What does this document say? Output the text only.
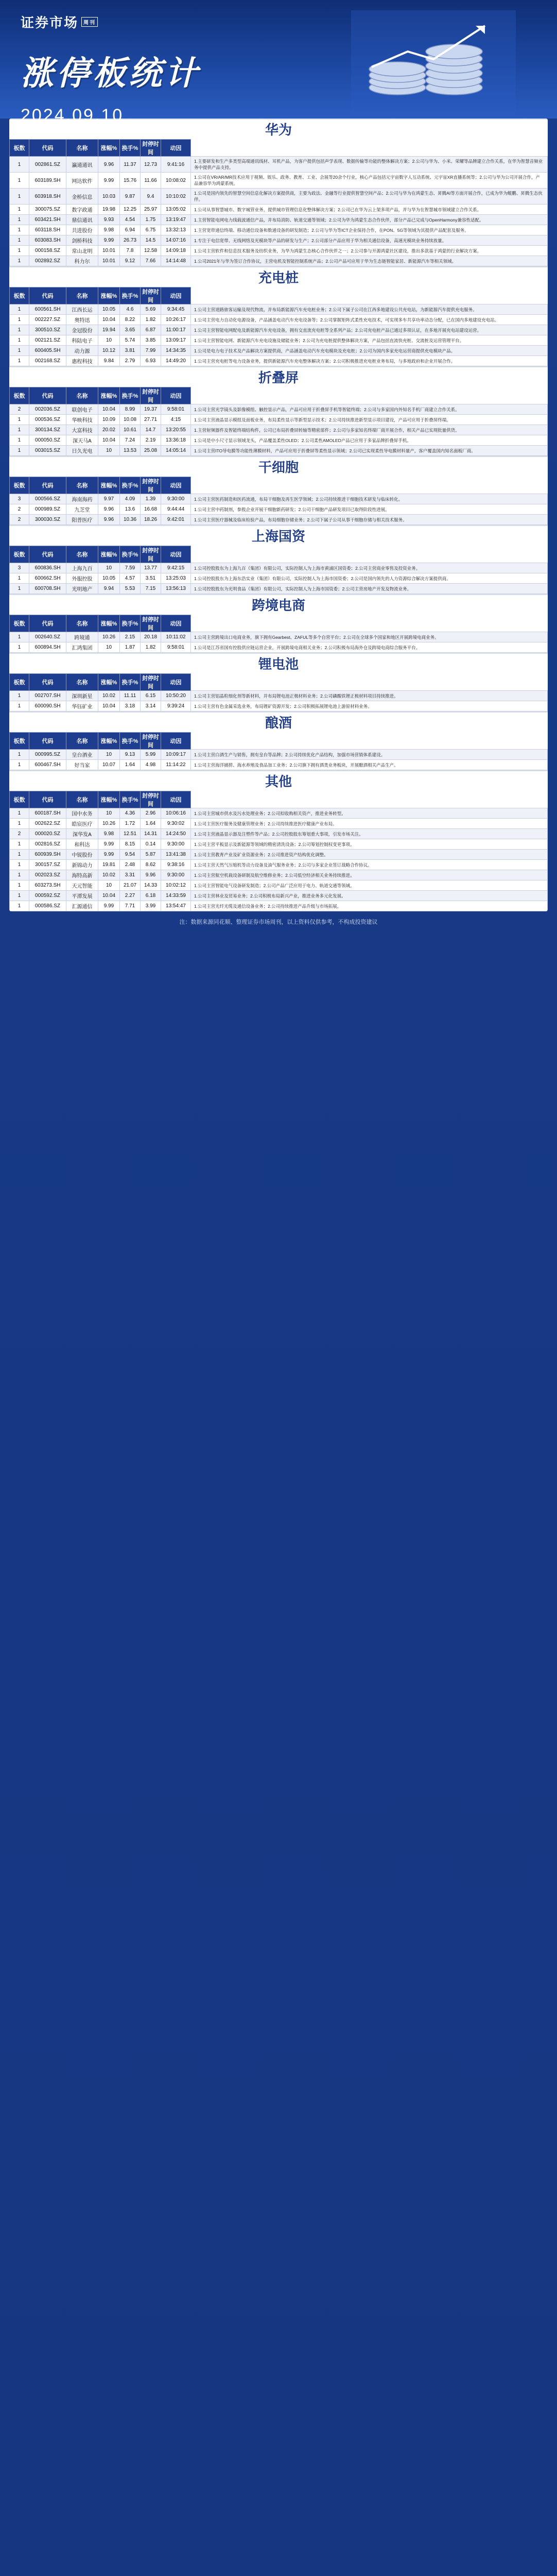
证券市场	周刊
涨停板统计
2024.09.10
华为
板数	代码	名称	涨幅%	换手%	封停时间	动因	
1	002861.SZ	瀛通通讯	9.96	11.37	12.73	9:41:16	1.主要研发和生产多类型高端通讯线材、耳机产品，为客户提供包括声学表现、数据传输等功能的整体解决方案；2.公司与华为、小米、荣耀等品牌建立合作关系，在华为智慧音频业务中提供产品支持。
1	603189.SH	网达软件	9.99	15.76	11.66	10:08:02	1.公司在VR/AR/MR技术应用于视频、娱乐、政务、教育、工业、会展等20余个行业，核心产品包括元宇宙数字人互动系统、元宇宙XR直播系统等；2.公司与华为公司开展合作，产品兼容华为鸿蒙系统。
1	603918.SH	金桥信息	10.03	9.87	9.4	10:10:02	1.公司是国内领先的智慧空间信息化解决方案提供商，主要为政法、金融等行业提供智慧空间产品；2.公司与华为在鸿蒙生态、昇腾AI等方面开展合作，已成为华为鲲鹏、昇腾生态伙伴。
1	300075.SZ	数字政通	19.98	12.25	25.97	13:05:02	1.公司从事智慧城市、数字城管业务，提供城市管理信息化整体解决方案；2.公司已在华为云上架多项产品，并与华为在智慧城市领域建立合作关系。
1	603421.SH	鼎信通讯	9.93	4.54	1.75	13:19:47	1.主营智能电网电力线载波通信产品，并布局消防、轨道交通等领域；2.公司为华为鸿蒙生态合作伙伴，部分产品已完成与OpenHarmony兼容性适配。
1	603118.SH	共进股份	9.98	6.94	6.75	13:32:13	1.主营宽带通信终端、移动通信设备和数通设备的研发制造；2.公司与华为等ICT企业保持合作，在PON、5G等领域为其提供产品配套及服务。
1	603083.SH	剑桥科技	9.99	26.73	14.5	14:07:16	1.专注于电信宽带、无线网络及光模块等产品的研发与生产；2.公司部分产品应用于华为相关通信设备，高速光模块业务持续放量。
1	000158.SZ	常山北明	10.01	7.8	12.58	14:09:18	1.公司主营软件和信息技术服务及纺织业务，为华为鸿蒙生态核心合作伙伴之一；2.公司参与开源鸿蒙社区建设，推出多款基于鸿蒙的行业解决方案。
1	002892.SZ	科力尔	10.01	9.12	7.66	14:14:48	1.公司2021年与华为签订合作协议，主营电机及智能控制系统产品；2.公司产品可应用于华为生态链智能家居、新能源汽车等相关领域。
充电桩
板数	代码	名称	涨幅%	换手%	封停时间	动因	
1	600561.SH	江西长运	10.05	4.6	5.69	9:34:45	1.公司主营道路旅客运输及现代物流，并布局新能源汽车充电桩业务；2.公司下属子公司在江西多地建设公共充电站，为新能源汽车提供充电服务。
1	002227.SZ	奥特迅	10.04	8.22	1.82	10:26:17	1.公司主营电力自动化电源设备，产品涵盖电动汽车充电设备等；2.公司掌握矩阵式柔性充电技术，可实现多车共享功率动态分配，已在国内多地建设充电站。
1	300510.SZ	金冠股份	19.94	3.65	6.87	11:00:17	1.公司主营智能电网配电及新能源汽车充电设备，拥有交直流充电桩等全系列产品；2.公司充电桩产品已通过多项认证，在多地开展充电站建设运营。
1	002121.SZ	科陆电子	10	5.74	3.85	13:09:17	1.公司主营智能电网、新能源汽车充电设施及储能业务；2.公司为充电桩提供整体解决方案，产品包括直流快充桩、交流桩及运营管理平台。
1	600405.SH	动力源	10.12	3.81	7.99	14:34:35	1.公司是电力电子技术及产品解决方案提供商，产品涵盖电动汽车充电模块及充电桩；2.公司为国内多家充电运营商提供充电模块产品。
1	002168.SZ	惠程科技	9.84	2.79	6.93	14:49:20	1.公司主营充电桩等电力设备业务，提供新能源汽车充电整体解决方案；2.公司积极推进充电桩业务布局，与多地政府和企业开展合作。
折叠屏
板数	代码	名称	涨幅%	换手%	封停时间	动因	
2	002036.SZ	联创电子	10.04	8.99	19.37	9:58:01	1.公司主营光学镜头及影像模组、触控显示产品，产品可应用于折叠屏手机等智能终端；2.公司与多家国内外知名手机厂商建立合作关系。
1	000536.SZ	华映科技	10.09	10.08	27.71	4:15	1.公司主营液晶显示模组及面板业务，布局柔性显示等新型显示技术；2.公司持续推进新型显示项目建设，产品可应用于折叠屏终端。
1	300134.SZ	大富科技	20.02	10.61	14.7	13:20:55	1.主营射频器件及智能终端结构件，公司已布局折叠屏转轴等精密部件；2.公司与多家知名终端厂商开展合作，相关产品已实现批量供货。
1	000050.SZ	深天马A	10.04	7.24	2.19	13:36:18	1.公司是中小尺寸显示领域龙头，产品覆盖柔性OLED；2.公司柔性AMOLED产品已应用于多家品牌折叠屏手机。
1	003015.SZ	日久光电	10	13.53	25.08	14:05:14	1.公司主营ITO导电膜等功能性薄膜材料，产品可应用于折叠屏等柔性显示领域；2.公司已实现柔性导电膜材料量产，客户覆盖国内知名面板厂商。
干细胞
板数	代码	名称	涨幅%	换手%	封停时间	动因	
3	000566.SZ	海南海药	9.97	4.09	1.39	9:30:00	1.公司主营医药制造和医药流通，布局干细胞及再生医学领域；2.公司持续推进干细胞技术研发与临床转化。
2	000989.SZ	九芝堂	9.96	13.6	16.68	9:44:44	1.公司主营中药制剂，参股企业开展干细胞新药研发；2.公司干细胞产品研发项目已取得阶段性进展。
2	300030.SZ	阳普医疗	9.96	10.36	18.26	9:42:01	1.公司主营医疗器械及临床检验产品，布局细胞存储业务；2.公司下属子公司从事干细胞存储与相关技术服务。
上海国资
板数	代码	名称	涨幅%	换手%	封停时间	动因	
3	600836.SH	上海九百	10	7.59	13.77	9:42:15	1.公司控股股东为上海九百（集团）有限公司，实际控制人为上海市黄浦区国资委；2.公司主营商业零售及投资业务。
1	600662.SH	外服控股	10.05	4.57	3.51	13:25:03	1.公司控股股东为上海东浩实业（集团）有限公司，实际控制人为上海市国资委；2.公司是国内领先的人力资源综合解决方案提供商。
1	600708.SH	光明地产	9.94	5.53	7.15	13:56:13	1.公司控股股东为光明食品（集团）有限公司，实际控制人为上海市国资委；2.公司主营房地产开发及物流业务。
跨境电商
板数	代码	名称	涨幅%	换手%	封停时间	动因	
1	002640.SZ	跨境通	10.26	2.15	20.18	10:11:02	1.公司主营跨境出口电商业务，旗下拥有Gearbest、ZAFUL等多个自营平台；2.公司在全球多个国家和地区开展跨境电商业务。
1	600894.SH	汇鸿集团	10	1.87	1.82	9:58:01	1.公司是江苏省国有控股供应链运营企业，开展跨境电商相关业务；2.公司积极布局海外仓及跨境电商综合服务平台。
锂电池
板数	代码	名称	涨幅%	换手%	封停时间	动因	
1	002707.SH	深圳新星	10.02	11.11	6.15	10:50:20	1.公司主营铝晶粒细化剂等新材料，并布局锂电池正极材料业务；2.公司磷酸铁锂正极材料项目持续推进。
1	600090.SH	华钰矿业	10.04	3.18	3.14	9:39:24	1.公司主营有色金属采选业务，布局锂矿资源开发；2.公司积极拓展锂电池上游原材料业务。
酿酒
板数	代码	名称	涨幅%	换手%	封停时间	动因	
1	000995.SZ	皇台酒业	10	9.13	5.99	10:09:17	1.公司主营白酒生产与销售，拥有皇台等品牌；2.公司持续优化产品结构，加强市场营销体系建设。
1	600467.SH	好当家	10.07	1.64	4.98	11:14:22	1.公司主营海洋捕捞、海水养殖及食品加工业务；2.公司旗下拥有酒类业务板块，开展酿酒相关产品生产。
其他
板数	代码	名称	涨幅%	换手%	封停时间	动因	
1	600187.SH	国中水务	10	4.36	2.96	10:06:16	1.公司主营城市供水及污水处理业务；2.公司拟收购相关资产，推进业务转型。
1	002622.SZ	皓宸医疗	10.26	1.72	1.64	9:30:02	1.公司主营医疗服务及健康管理业务；2.公司持续推进医疗健康产业布局。
2	000020.SZ	深华发A	9.98	12.51	14.31	14:24:50	1.公司主营液晶显示器及注塑件等产品；2.公司控股股东筹划重大事项，引发市场关注。
1	002816.SZ	和科达	9.99	8.15	0.14	9:30:00	1.公司主营平板显示及新能源等领域的精密清洗设备；2.公司筹划控制权变更事项。
1	600939.SH	中锐股份	9.99	9.54	5.87	13:41:38	1.公司主营教育产业及矿业资源业务；2.公司推进资产结构优化调整。
1	300157.SZ	新锦动力	19.81	2.48	8.62	9:38:16	1.公司主营天然气压缩机等动力设备及油气服务业务；2.公司与多家企业签订战略合作协议。
1	002023.SZ	海特高新	10.02	3.31	9.96	9:30:00	1.公司主营航空机载设备研制及航空维修业务；2.公司低空经济相关业务持续推进。
1	603273.SH	天元智能	10	21.07	14.33	10:02:12	1.公司主营智能电气设备研发制造；2.公司产品广泛应用于电力、轨道交通等领域。
1	000592.SZ	平潭发展	10.04	2.27	6.18	14:33:59	1.公司主营林业及贸易业务；2.公司积极布局新兴产业，推进业务多元化发展。
1	000586.SZ	汇源通信	9.99	7.71	3.99	13:54:47	1.公司主营光纤光缆及通信设备业务；2.公司持续推进产品升级与市场拓展。
注：数据来源同花顺、整理证券市场周刊，以上资料仅供参考，不构成投资建议
